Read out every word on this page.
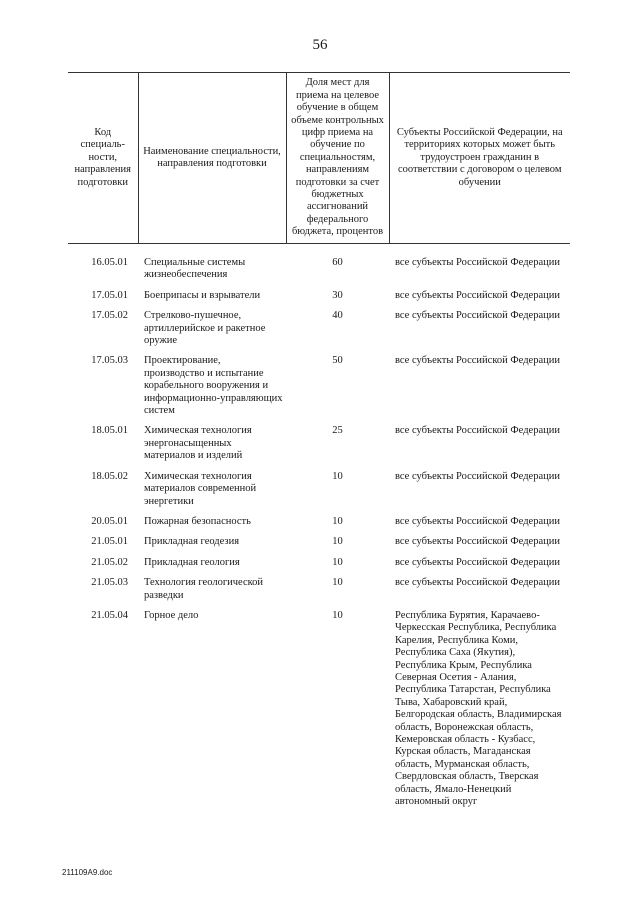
56
Код специаль-ности, направления подготовки	Наименование специальности, направления подготовки	Доля мест для приема на целевое обучение в общем объеме контрольных цифр приема на обучение по специальностям, направлениям подготовки за счет бюджетных ассигнований федерального бюджета, процентов	Субъекты Российской Федерации, на территориях которых может быть трудоустроен гражданин в соответствии с договором о целевом обучении
16.05.01	Специальные системы жизнеобеспечения	60	все субъекты Российской Федерации
17.05.01	Боеприпасы и взрыватели	30	все субъекты Российской Федерации
17.05.02	Стрелково-пушечное, артиллерийское и ракетное оружие	40	все субъекты Российской Федерации
17.05.03	Проектирование, производство и испытание корабельного вооружения и информационно-управляющих систем	50	все субъекты Российской Федерации
18.05.01	Химическая технология энергонасыщенных материалов и изделий	25	все субъекты Российской Федерации
18.05.02	Химическая технология материалов современной энергетики	10	все субъекты Российской Федерации
20.05.01	Пожарная безопасность	10	все субъекты Российской Федерации
21.05.01	Прикладная геодезия	10	все субъекты Российской Федерации
21.05.02	Прикладная геология	10	все субъекты Российской Федерации
21.05.03	Технология геологической разведки	10	все субъекты Российской Федерации
21.05.04	Горное дело	10	Республика Бурятия, Карачаево-Черкесская Республика, Республика Карелия, Республика Коми, Республика Саха (Якутия), Республика Крым, Республика Северная Осетия - Алания, Республика Татарстан, Республика Тыва, Хабаровский край, Белгородская область, Владимирская область, Воронежская область, Кемеровская область - Кузбасс, Курская область, Магаданская область, Мурманская область, Свердловская область, Тверская область, Ямало-Ненецкий автономный округ
211109A9.doc
